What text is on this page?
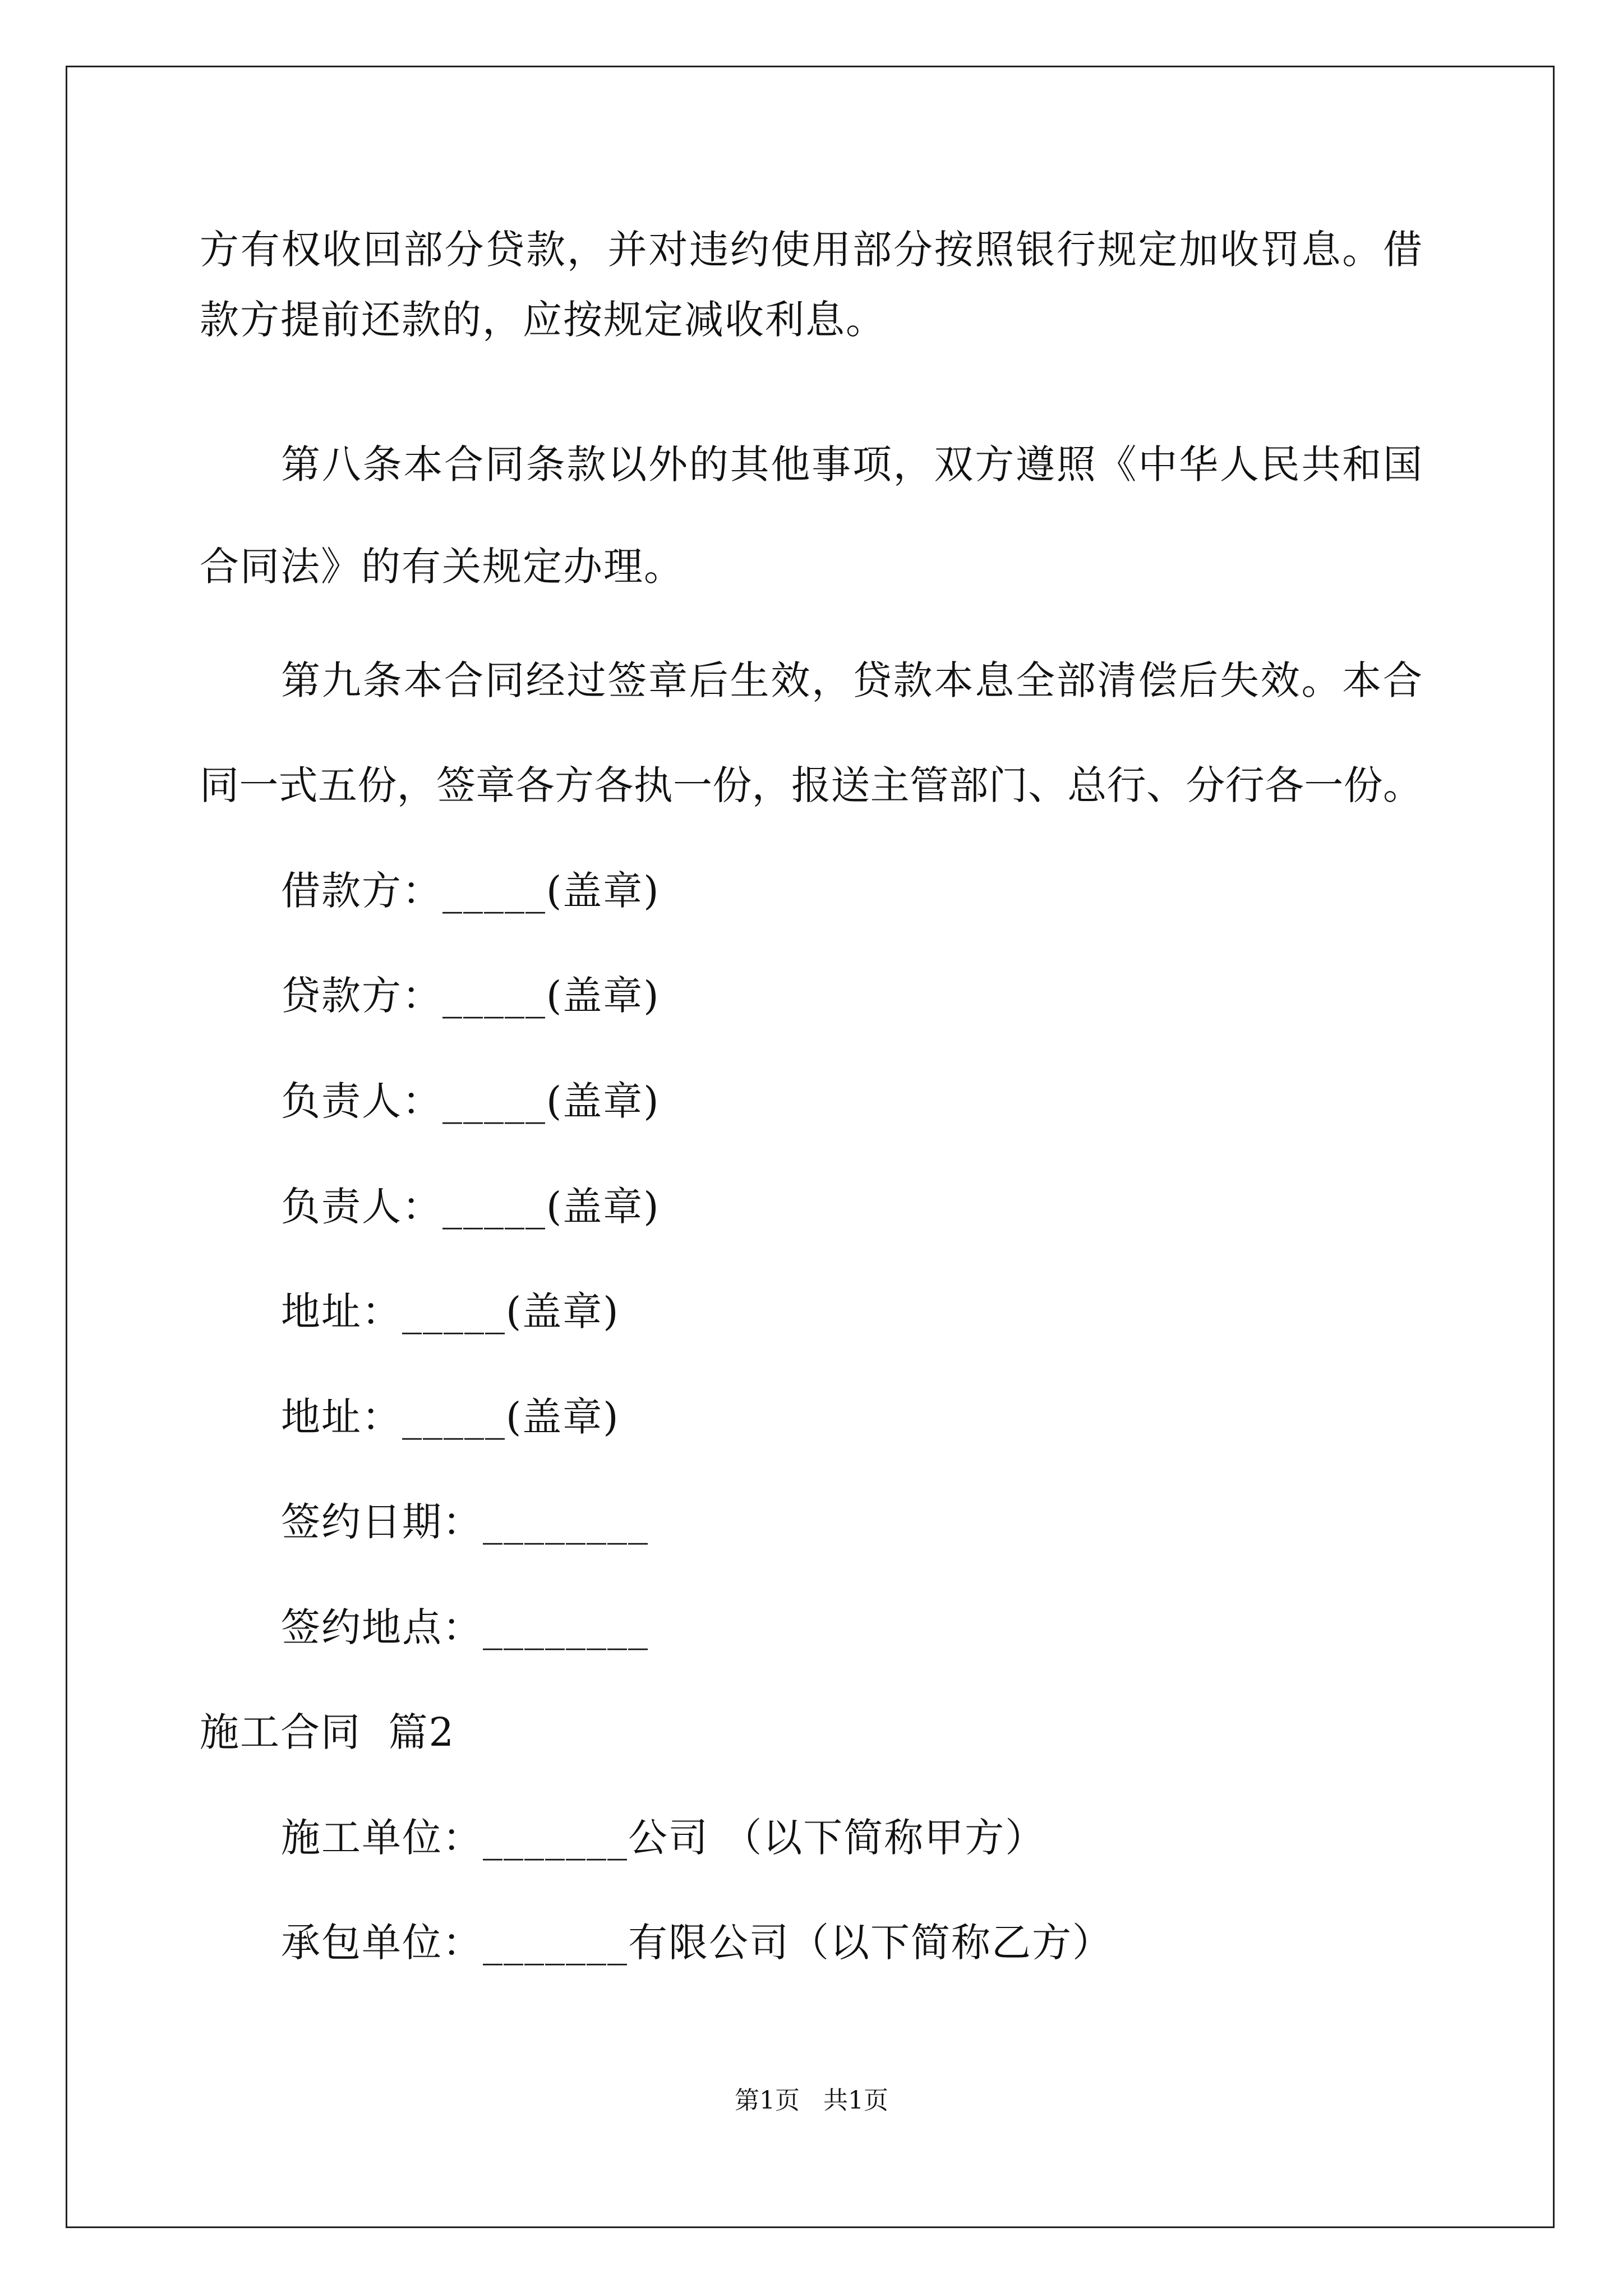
方有权收回部分贷款，并对违约使用部分按照银行规定加收罚息。借
款方提前还款的，应按规定减收利息。
第八条本合同条款以外的其他事项，双方遵照《中华人民共和国
合同法》的有关规定办理。
第九条本合同经过签章后生效，贷款本息全部清偿后失效。本合
同一式五份，签章各方各执一份，报送主管部门、总行、分行各一份。
借款方：_____(盖章)
贷款方：_____(盖章)
负责人：_____(盖章)
负责人：_____(盖章)
地址：_____(盖章)
地址：_____(盖章)
签约日期：________
签约地点：________
施工合同  篇2
施工单位：_______公司 （以下简称甲方）
承包单位：_______有限公司（以下简称乙方）
第1页   共1页
